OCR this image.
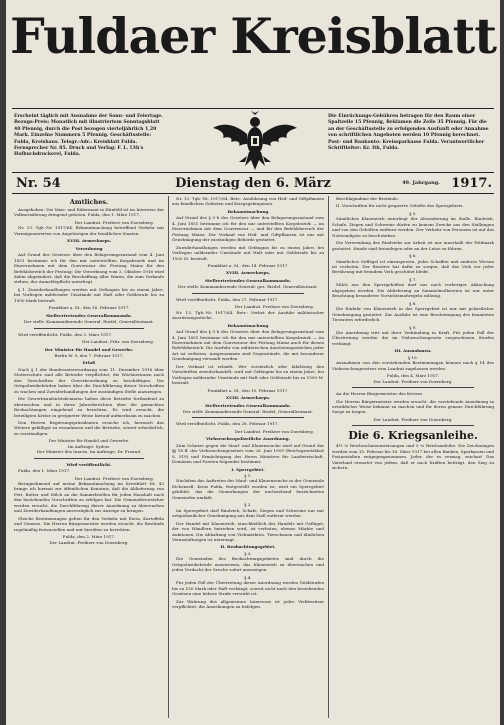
Fuldaer Kreisblatt
Erscheint täglich mit Ausnahme der Sonn- und Feiertage. Bezugs-Preis: Monatlich mit illustriertem Sonntagsblatt 40 Pfennig, durch die Post bezogen vierteljährlich 1,20 Mark. Einzelne Nummern 5 Pfennig. Geschäftsstelle: Fulda, Kreishaus. Telegr.-Adr.: Kreisblatt Fulda. Fernsprecher Nr. 85. Druck und Verlag: F. L. Uth's Hofbuchdruckerei, Fulda.
Die Einrückungs-Gebühren betragen für den Raum einer Spaltzeile 15 Pfennig, Reklamen die Zeile 35 Pfennig. Für die an der Geschäftsstelle zu erfolgenden Ausfunft oder Annahme von schriftlichen Angeboten werden 10 Pfennig berechnet. Post- und Bankonto: Kreissparkasse Fulda. Verantwortlicher Schriftleiter: Kr. Ith, Fulda.
Nr. 54	Dienstag den 6. März	49. Jahrgang. 1917.
Amtliches.
Ausgehoben: Die Mais- und Rübensaat in Hünfeld ist im Interesse der Volksernährung dringend geboten. Fulda, den 1. März 1917.
Der Landrat. Freiherr von Doernberg.
Nr. 13. Tgb.-Nr. 1917/64. Bekanntmachung betreffend Verkehr mit Vermögenswerten von Angehörigen der feindlichen Staaten.
XVIII. Armeekorps.
Verordnung
Auf Grund des Gesetzes über den Belagerungszustand vom 4. Juni 1851 bestimme ich für den mir unterstellten Korpsbezirk und im Einvernehmen mit dem Gouverneur der Festung Mainz für den Befehlsbereich der Festung: Die Verordnung vom 2. Oktober 1916 wird dahin abgeändert, daß die Beschaffung aller Waren, die zum Verkaufe stehen, der Anmeldepflicht unterliegt.
§ 1. Zuwiderhandlungen werden mit Gefängnis bis zu einem Jahre, bei Vorliegen mildernder Umstände mit Haft oder Geldstrafe bis zu 1500 Mark bestraft.
Frankfurt a. M., den 16. Februar 1917.
Stellvertretendes Generalkommando.
Der stellv. Kommandierende General: Riedel, Generalleutnant.
Wird veröffentlicht. Fulda, den 3. März 1917.
Der Landrat. Frhr. von Doernberg.
Der Minister für Handel und Gewerbe.
Berlin W. 9, den 7. Februar 1917.
Erlaß
Nach § 1 der Bundesratsverordnung vom 11. Dezember 1916 über Mutterschutz sind alle Betriebe verpflichtet, die Wöchnerinnen nach den Vorschriften der Gewerbeordnung zu beschäftigen. Die Ortspolizeibehörden haben über die Durchführung dieser Vorschriften zu wachen und Zuwiderhandlungen der zuständigen Stelle anzuzeigen.
Die Gewerbeaufsichtsbeamten haben diese Betriebe fortlaufend zu überwachen und in ihren Jahresberichten über die gemachten Beobachtungen eingehend zu berichten. Es wird ersucht, die beteiligten Kreise in geeigneter Weise hierauf aufmerksam zu machen.
Den Herren Regierungspräsidenten ersuche ich, hiernach das Weitere gefälligst zu veranlassen und die Betriebe, soweit erforderlich, zu verständigen.
Der Minister für Handel und Gewerbe.
Im Auftrage: Sydow.
Der Minister des Innern. Im Auftrage: Dr. Freund.
Wird veröffentlicht.
Fulda, den 1. März 1917.
Der Landrat. Freiherr von Doernberg.
Bezugnehmend auf meine Bekanntmachung im Kreisblatt Nr. 43 bringe ich hiermit zur öffentlichen Kenntnis, daß die Ablieferung von Fett, Butter und Milch an die Sammelstellen für jeden Haushalt nach den bestehenden Vorschriften zu erfolgen hat. Die Gemeindevorsteher werden ersucht, die Durchführung dieser Anordnung zu überwachen und Zuwiderhandlungen unverzüglich zur Anzeige zu bringen.
Gleiche Bestimmungen gelten für den Verkehr mit Eiern, Kartoffeln und Gemüse. Die Herren Bürgermeister werden ersucht, die Bestände regelmäßig festzustellen und mir hierüber zu berichten.
Fulda, den 2. März 1917.
Der Landrat. Freiherr von Doernberg.
Nr. 13. Tgb.-Nr. 1917/64. Betr.: Ausfuhrung von Heil- und Giftpflanzen aus feindlichen Gebieten und Kriegsgefangenen.
Bekanntmachung
Auf Grund des § 9 b des Gesetzes über den Belagerungszustand vom 4. Juni 1851 bestimme ich für den mir unterstellten Korpsbezirk — im Einvernehmen mit dem Gouverneur — und für den Befehlsbereich der Festung Mainz: Der Verkauf von Heil- und Giftpflanzen ist nur mit Genehmigung der zuständigen Behörde gestattet.
Zuwiderhandlungen werden mit Gefängnis bis zu einem Jahre, bei Vorliegen mildernder Umstände mit Haft oder mit Geldstrafe bis zu 1500 M. bestraft.
Frankfurt a. M., den 14. Februar 1917.
XVIII. Armeekorps.
Stellvertretendes Generalkommando.
Der stellv. Kommandierende General: gez. Riedel, Generalleutnant.
Wird veröffentlicht. Fulda, den 27. Februar 1917.
Der Landrat. Freiherr von Doernberg.
Nr. 13. Tgb.-Nr. 1917/64. Betr.: Verbot der Ausfuhr militärischer Ausrüstungsstücke.
Bekanntmachung
Auf Grund des § 9 b des Gesetzes über den Belagerungszustand vom 4. Juni 1851 bestimme ich für den mir unterstellten Korpsbezirk — im Einvernehmen mit dem Gouverneur der Festung Mainz auch für diesen Befehlsbereich: Die Ausfuhr von militärischen Ausrüstungsstücken jeder Art ist verboten. Ausgenommen sind Gegenstände, die mit besonderer Genehmigung versandt werden.
Der Verkauf ist erlaubt. Wer vorsätzlich oder fahrlässig den Vorschriften zuwiderhandelt, wird mit Gefängnis bis zu einem Jahre, bei Vorliegen mildernder Umstände mit Haft oder Geldstrafe bis zu 1500 M. bestraft.
Frankfurt a. M., den 10. Februar 1917.
XVIII. Armeekorps.
Stellvertretendes Generalkommando.
Der stellv. Kommandierende General: Riedel, Generalleutnant.
Wird veröffentlicht. Fulda, den 28. Februar 1917.
Der Landrat. Freiherr von Doernberg.
Viehseuchenpolizeiliche Anordnung.
Zum Schutze gegen die Maul- und Klauenseuche wird auf Grund der §§ 18 ff. des Viehseuchengesetzes vom 26. Juni 1909 (Reichsgesetzblatt S. 519) und Ermächtigung des Herrn Ministers für Landwirtschaft, Domänen und Forsten folgendes bestimmt:
I. Sperrgebiet.
§ 1.
Nachdem das Auftreten der Maul- und Klauenseuche in der Gemeinde Eichenzell, Kreis Fulda, festgestellt worden ist, wird ein Sperrgebiet gebildet, das die Gemarkungen der nachstehend bezeichneten Gemeinden umfaßt.
§ 2.
Im Sperrgebiet darf Rindvieh, Schafe, Ziegen und Schweine nur mit ortspolizeilicher Genehmigung aus dem Stall entfernt werden.
Der Handel mit Klauenvieh, einschließlich des Handels mit Geflügel, der von Händlern betrieben wird, ist verboten, ebenso Märkte und Auktionen. Die Abhaltung von Viehmärkten, Tierschauen und ähnlichen Veranstaltungen ist untersagt.
II. Beobachtungsgebiet.
§ 3.
Die Gemeinden des Beobachtungsgebietes sind durch die Ortspolizeibehörde anzuweisen, das Klauenvieh zu überwachen und jeden Verdacht der Seuche sofort anzuzeigen.
§ 4.
Für jeden Fall der Übertretung dieser Anordnung werden Geldstrafen bis zu 150 Mark oder Haft verhängt, soweit nicht nach den bestehenden Gesetzen eine höhere Strafe verwirkt ist.
Zur Wahrung des allgemeinen Interesses ist jeder Viehbesitzer verpflichtet, die Anordnungen zu befolgen.
Beschlagnahme der Bestände.
II. Vorschriften für nicht gesperrte Gehöfte des Sperrgebiets.
§ 5.
Sämtliches Klauenvieh unterliegt der Absonderung im Stalle. Rindvieh, Schafe, Ziegen und Schweine dürfen zu keinem Zwecke aus den Stallungen und von den Gehöften entfernt werden. Der Verkehr von Personen ist auf das Notwendigste zu beschränken.
Die Verwendung des Rindviehs zur Arbeit ist nur innerhalb der Feldmark gestattet. Hunde sind festzulegen oder an der Leine zu führen.
§ 6.
Sämtliches Geflügel ist einzusperren, jedes Schaffen und anderes Wiesen ist verboten. Der Besitzer hat dafür zu sorgen, daß das Vieh vor jeder Berührung mit fremdem Vieh geschützt bleibt.
§ 7.
Milch aus den Sperrgehöften darf nur nach vorheriger Abkochung abgegeben werden. Die Ablieferung an Sammelmolkereien ist nur unter Beachtung besonderer Vorsichtsmaßregeln zulässig.
§ 8.
Die Einfuhr von Klauenvieh in das Sperrgebiet ist nur mit polizeilicher Genehmigung gestattet. Zur Ausfuhr ist eine Bescheinigung des beamteten Tierarztes erforderlich.
§ 9.
Die Anordnung tritt mit ihrer Verkündung in Kraft. Für jeden Fall der Übertretung werden die im Viehseuchengesetz vorgesehenen Strafen verhängt.
III. Ausnahmen.
§ 10.
Ausnahmen von den vorstehenden Bestimmungen können nach § 14 des Viehseuchengesetzes vom Landrat zugelassen werden.
Fulda, den 4. März 1917.
Der Landrat. Freiherr von Doernberg.
An die Herren Bürgermeister des Kreises.
Die Herren Bürgermeister werden ersucht, die vorstehende Anordnung in ortsüblicher Weise bekannt zu machen und für deren genaue Durchführung Sorge zu tragen.
Der Landrat. Freiherr von Doernberg.
Die 6. Kriegsanleihe.
4½ % Reichsschatzanweisungen und 5 % Reichsanleihe. Die Zeichnungen werden vom 15. Februar bis 16. März 1917 bei allen Banken, Sparkassen und Postanstalten entgegengenommen. Jeder, der es vermag, zeichne! Das Vaterland erwartet von jedem, daß er nach Kräften beiträgt, den Sieg zu sichern.
